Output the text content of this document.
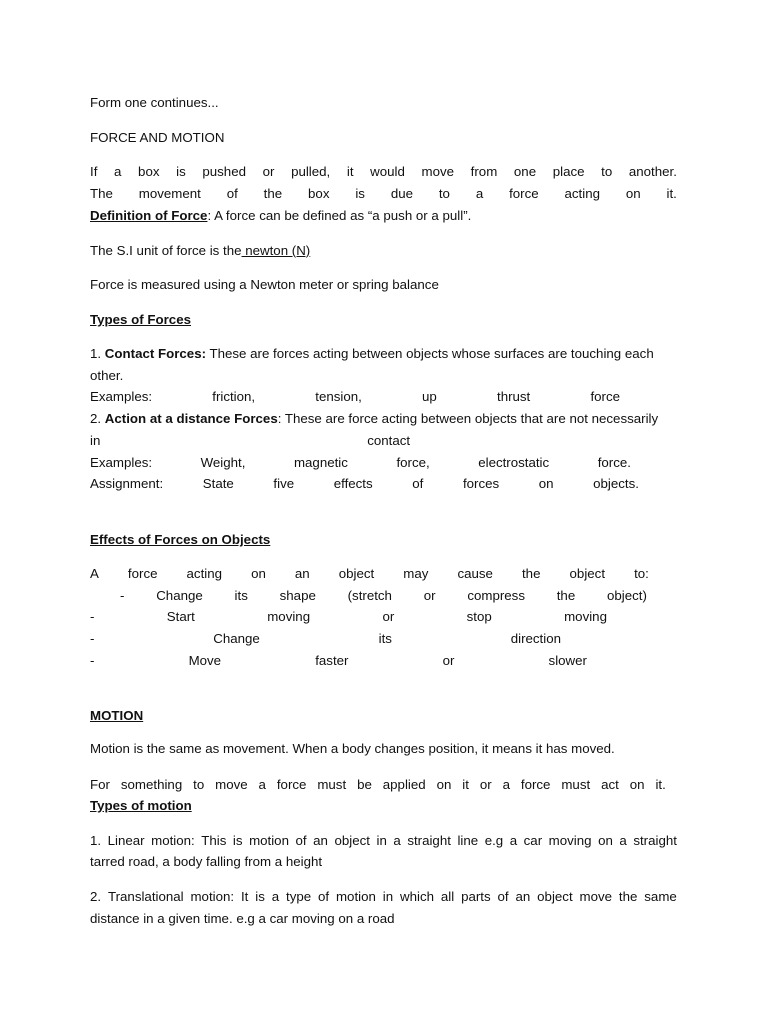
Form one continues...
FORCE AND MOTION
If a box is pushed or pulled, it would move from one place to another.
The movement of the box is due to a force acting on it.
Definition of Force: A force can be defined as “a push or a pull”.
The S.I unit of force is the newton (N)
Force is measured using a Newton meter or spring balance
Types of Forces
1. Contact Forces: These are forces acting between objects whose surfaces are touching each
other.
Examples:	friction,	tension,	up	thrust	force
2. Action at a distance Forces: These are force acting between objects that are not necessarily
in	contact
Examples:	Weight,	magnetic	force,	electrostatic	force.
Assignment:	State	five	effects	of	forces	on	objects.
Effects of Forces on Objects
A force acting on an object may cause the object to:
- Change its shape (stretch or compress the object)
-	Start	moving	or	stop	moving
-	Change	its	direction
-	Move	faster	or	slower
MOTION
Motion is the same as movement. When a body changes position, it means it has moved.
For something to move a force must be applied on it or a force must act on it.
Types of motion
1. Linear motion: This is motion of an object in a straight line e.g a car moving on a straight
tarred road, a body falling from a height
2. Translational motion: It is a type of motion in which all parts of an object move the same
distance in a given time. e.g a car moving on a road
